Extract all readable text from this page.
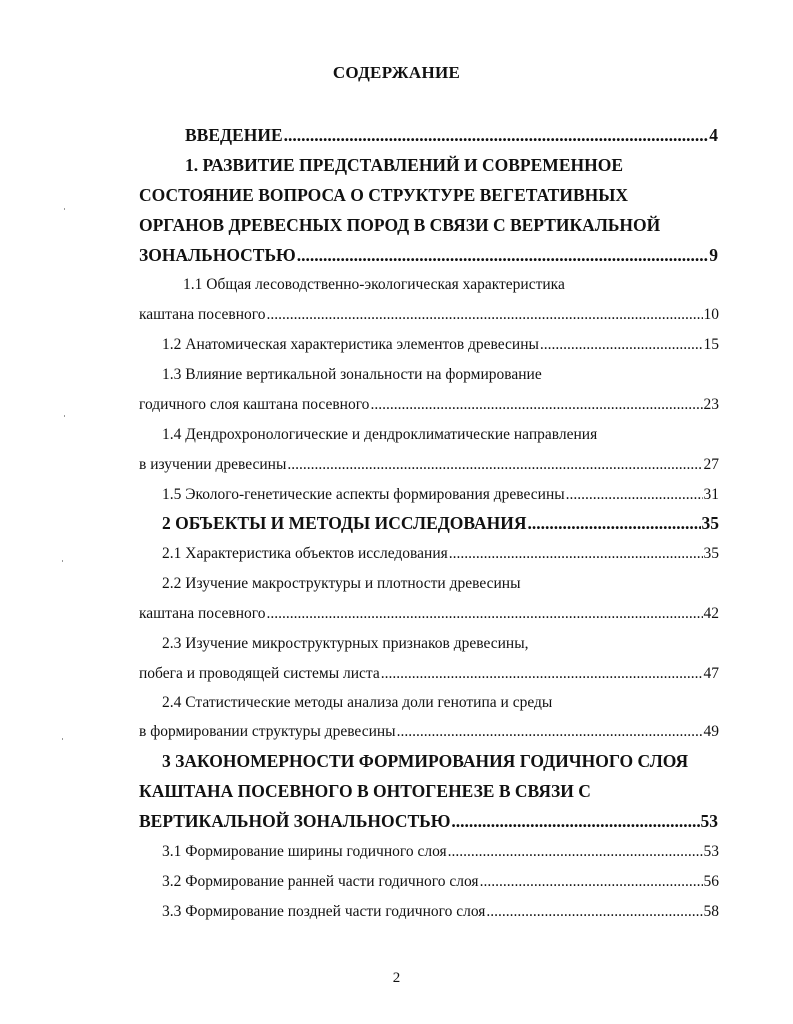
СОДЕРЖАНИЕ
ВВЕДЕНИЕ .....	4
1. РАЗВИТИЕ ПРЕДСТАВЛЕНИЙ И СОВРЕМЕННОЕ
СОСТОЯНИЕ ВОПРОСА О СТРУКТУРЕ ВЕГЕТАТИВНЫХ
ОРГАНОВ ДРЕВЕСНЫХ ПОРОД В СВЯЗИ С ВЕРТИКАЛЬНОЙ
ЗОНАЛЬНОСТЬЮ .....	9
1.1 Общая лесоводственно-экологическая характеристика
каштана посевного .....	10
1.2 Анатомическая характеристика элементов древесины .....	15
1.3 Влияние вертикальной зональности на формирование
годичного слоя каштана посевного .....	23
1.4 Дендрохронологические и дендроклиматические направления
в изучении древесины .....	27
1.5 Эколого-генетические аспекты формирования древесины .....	31
2 ОБЪЕКТЫ И МЕТОДЫ ИССЛЕДОВАНИЯ .....	35
2.1 Характеристика объектов исследования .....	35
2.2 Изучение макроструктуры и плотности древесины
каштана посевного .....	42
2.3 Изучение микроструктурных признаков древесины,
побега и проводящей системы листа .....	47
2.4 Статистические методы анализа доли генотипа и среды
в формировании структуры древесины .....	49
3 ЗАКОНОМЕРНОСТИ ФОРМИРОВАНИЯ ГОДИЧНОГО СЛОЯ
КАШТАНА ПОСЕВНОГО В ОНТОГЕНЕЗЕ В СВЯЗИ С
ВЕРТИКАЛЬНОЙ ЗОНАЛЬНОСТЬЮ .....	53
3.1 Формирование ширины годичного слоя .....	53
3.2 Формирование ранней части годичного слоя .....	56
3.3 Формирование поздней части годичного слоя .....	58
2
